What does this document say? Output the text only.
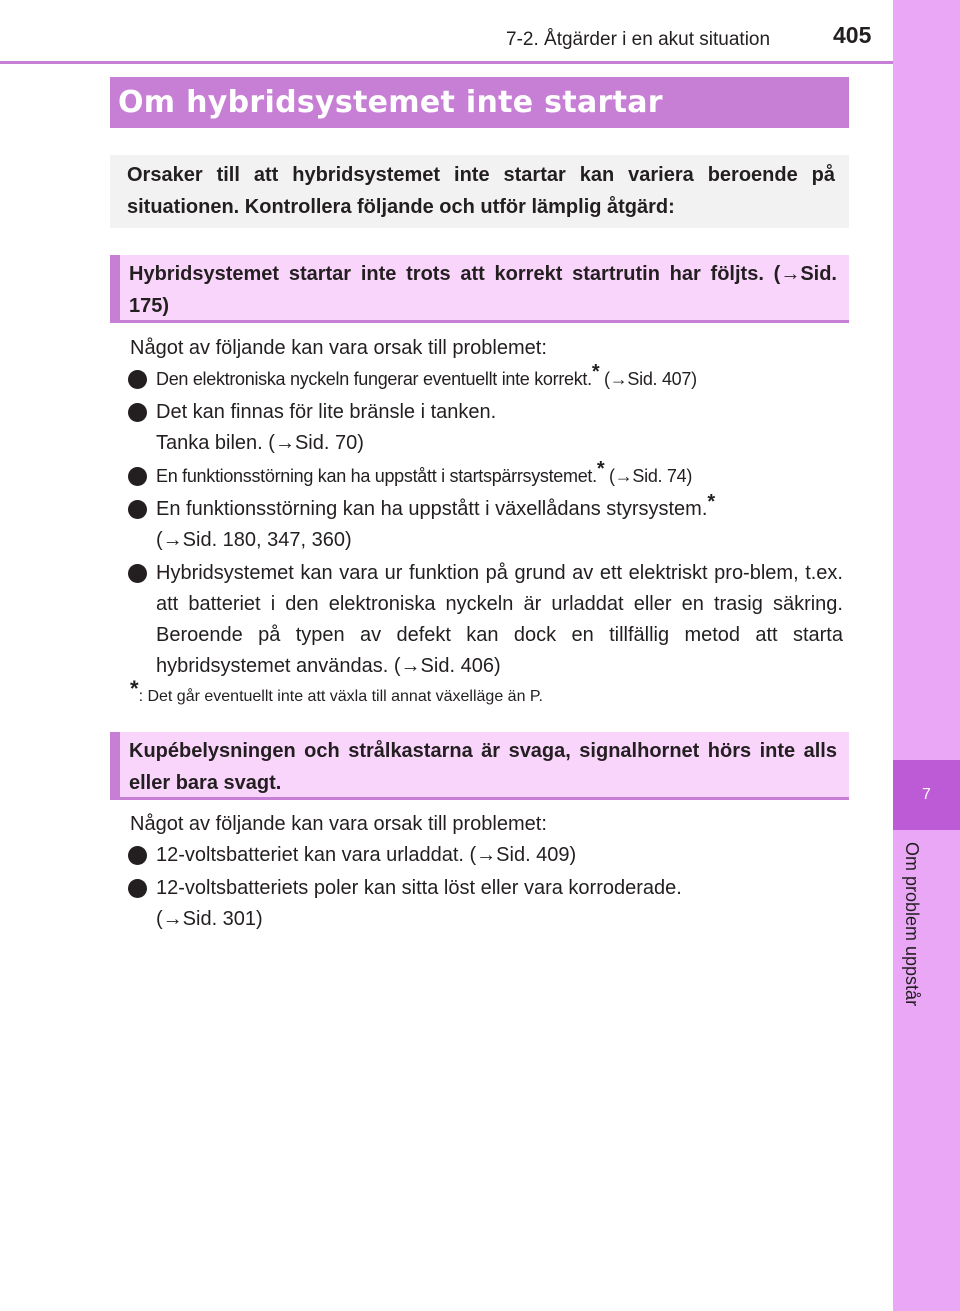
7-2. Åtgärder i en akut situation	405
7
Om problem uppstår
Om hybridsystemet inte startar
Orsaker till att hybridsystemet inte startar kan variera beroende på situationen. Kontrollera följande och utför lämplig åtgärd:
Hybridsystemet startar inte trots att korrekt startrutin har följts. (→Sid. 175)
Något av följande kan vara orsak till problemet:
Den elektroniska nyckeln fungerar eventuellt inte korrekt.* (→Sid. 407)
Det kan finnas för lite bränsle i tanken.
Tanka bilen. (→Sid. 70)
En funktionsstörning kan ha uppstått i startspärrsystemet.* (→Sid. 74)
En funktionsstörning kan ha uppstått i växellådans styrsystem.*
(→Sid. 180, 347, 360)
Hybridsystemet kan vara ur funktion på grund av ett elektriskt pro-blem, t.ex. att batteriet i den elektroniska nyckeln är urladdat eller en trasig säkring. Beroende på typen av defekt kan dock en tillfällig metod att starta hybridsystemet användas. (→Sid. 406)
*: Det går eventuellt inte att växla till annat växelläge än P.
Kupébelysningen och strålkastarna är svaga, signalhornet hörs inte alls eller bara svagt.
Något av följande kan vara orsak till problemet:
12-voltsbatteriet kan vara urladdat. (→Sid. 409)
12-voltsbatteriets poler kan sitta löst eller vara korroderade.
(→Sid. 301)
